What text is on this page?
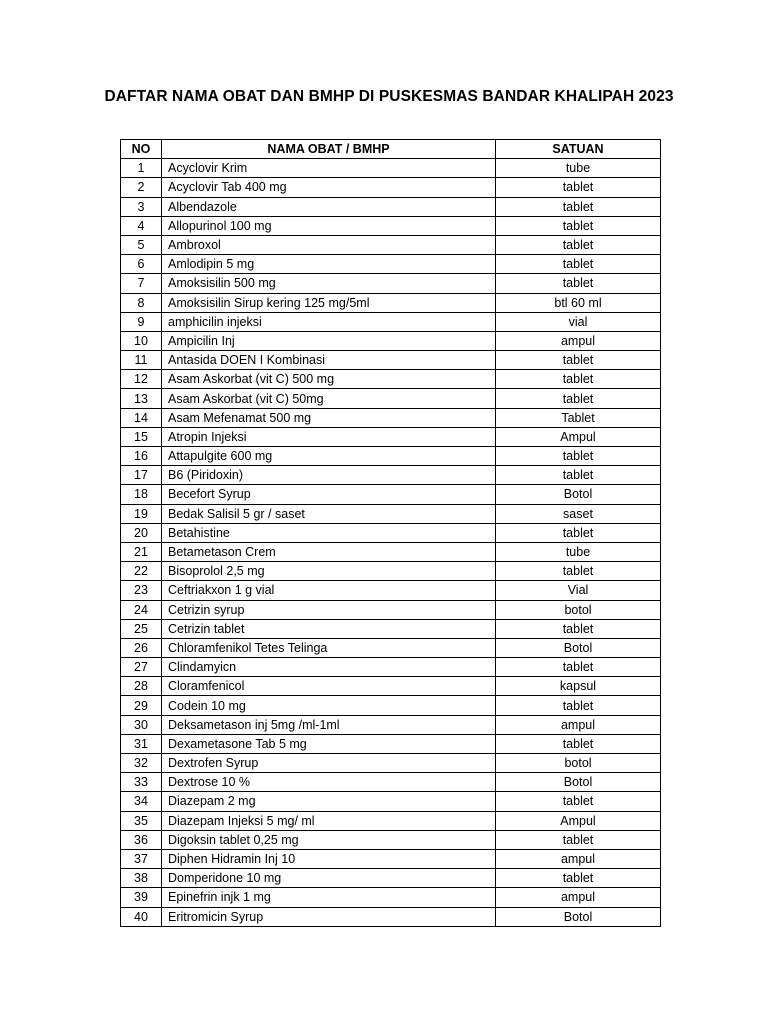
DAFTAR NAMA OBAT DAN BMHP DI PUSKESMAS BANDAR KHALIPAH 2023
NO	NAMA OBAT / BMHP	SATUAN
1	Acyclovir Krim	tube
2	Acyclovir Tab 400 mg	tablet
3	Albendazole	tablet
4	Allopurinol 100 mg	tablet
5	Ambroxol	tablet
6	Amlodipin 5 mg	tablet
7	Amoksisilin 500 mg	tablet
8	Amoksisilin Sirup kering 125 mg/5ml	btl 60 ml
9	amphicilin injeksi	vial
10	Ampicilin Inj	ampul
11	Antasida DOEN I Kombinasi	tablet
12	Asam Askorbat (vit C) 500 mg	tablet
13	Asam Askorbat (vit C) 50mg	tablet
14	Asam Mefenamat 500 mg	Tablet
15	Atropin Injeksi	Ampul
16	Attapulgite 600 mg	tablet
17	B6 (Piridoxin)	tablet
18	Becefort Syrup	Botol
19	Bedak Salisil 5 gr / saset	saset
20	Betahistine	tablet
21	Betametason Crem	tube
22	Bisoprolol 2,5 mg	tablet
23	Ceftriakxon 1 g vial	Vial
24	Cetrizin syrup	botol
25	Cetrizin tablet	tablet
26	Chloramfenikol Tetes Telinga	Botol
27	Clindamyicn	tablet
28	Cloramfenicol	kapsul
29	Codein 10 mg	tablet
30	Deksametason inj 5mg /ml-1ml	ampul
31	Dexametasone Tab 5 mg	tablet
32	Dextrofen Syrup	botol
33	Dextrose 10 %	Botol
34	Diazepam 2 mg	tablet
35	Diazepam Injeksi 5 mg/ ml	Ampul
36	Digoksin tablet 0,25 mg	tablet
37	Diphen Hidramin Inj 10	ampul
38	Domperidone 10 mg	tablet
39	Epinefrin injk 1 mg	ampul
40	Eritromicin Syrup	Botol
